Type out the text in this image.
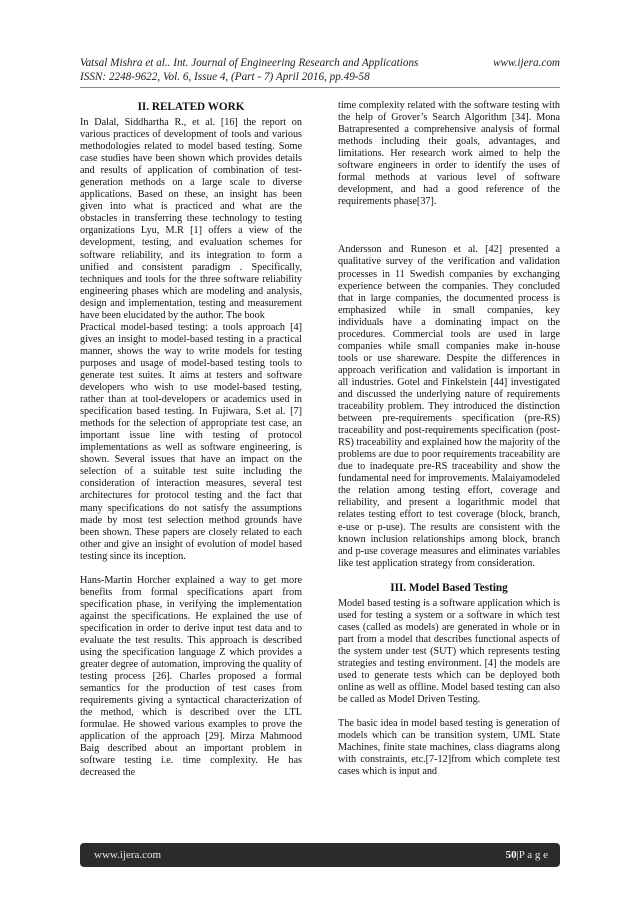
Vatsal Mishra et al.. Int. Journal of Engineering Research and Applications	www.ijera.com
ISSN: 2248-9622, Vol. 6, Issue 4, (Part - 7) April 2016, pp.49-58
II. RELATED WORK

In Dalal, Siddhartha R., et al. [16] the report on various practices of development of tools and various methodologies related to model based testing. Some case studies have been shown which provides details and results of application of combination of test-generation methods on a large scale to diverse applications. Based on these, an insight has been given into what is practiced and what are the obstacles in transferring these technology to testing organizations Lyu, M.R [1] offers a view of the development, testing, and evaluation schemes for software reliability, and its integration to form a unified and consistent paradigm . Specifically, techniques and tools for the three software reliability engineering phases which are modeling and analysis, design and implementation, testing and measurement have been elucidated by the author. The book

Practical model-based testing: a tools approach [4] gives an insight to model-based testing in a practical manner, shows the way to write models for testing purposes and usage of model-based testing tools to generate test suites. It aims at testers and software developers who wish to use model-based testing, rather than at tool-developers or academics used in specification based testing. In Fujiwara, S.et al. [7] methods for the selection of appropriate test case, an important issue line with testing of protocol implementations as well as software engineering, is shown. Several issues that have an impact on the selection of a suitable test suite including the consideration of interaction measures, several test architectures for protocol testing and the fact that many specifications do not satisfy the assumptions made by most test selection method grounds have been shown. These papers are closely related to each other and give an insight of evolution of model based testing since its inception.

Hans-Martin Horcher explained a way to get more benefits from formal specifications apart from specification phase, in verifying the implementation against the specifications. He explained the use of specification in order to derive input test data and to evaluate the test results. This approach is described using the specification language Z which provides a greater degree of automation, improving the quality of testing process [26]. Charles proposed a formal semantics for the production of test cases from requirements giving a syntactical characterization of the method, which is described over the LTL formulae. He showed various examples to prove the application of the approach [29]. Mirza Mahmood Baig described about an important problem in software testing i.e. time complexity. He has decreased the

time complexity related with the software testing with the help of Grover’s Search Algorithm [34]. Mona Batrapresented a comprehensive analysis of formal methods including their goals, advantages, and limitations. Her research work aimed to help the software engineers in order to identify the uses of formal methods at various level of software development, and had a good reference of the requirements phase[37].

Andersson and Runeson et al. [42] presented a qualitative survey of the verification and validation processes in 11 Swedish companies by exchanging experience between the companies. They concluded that in large companies, the documented process is emphasized while in small companies, key individuals have a dominating impact on the procedures. Commercial tools are used in large companies while small companies make in-house tools or use shareware. Despite the differences in approach verification and validation is important in all industries. Gotel and Finkelstein [44] investigated and discussed the underlying nature of requirements traceability problem. They introduced the distinction between pre-requirements specification (pre-RS) traceability and post-requirements specification (post-RS) traceability and explained how the majority of the problems are due to poor requirements traceability are due to inadequate pre-RS traceability and show the fundamental need for improvements. Malaiyamodeled the relation among testing effort, coverage and reliability, and present a logarithmic model that relates testing effort to test coverage (block, branch, e-use or p-use). The results are consistent with the known inclusion relationships among block, branch and p-use coverage measures and eliminates variables like test application strategy from consideration.

III. Model Based Testing

Model based testing is a software application which is used for testing a system or a software in which test cases (called as models) are generated in whole or in part from a model that describes functional aspects of the system under test (SUT) which represents testing strategies and testing environment. [4] the models are used to generate tests which can be deployed both online as well as offline. Model based testing can also be called as Model Driven Testing.

The basic idea in model based testing is generation of models which can be transition system, UML State Machines, finite state machines, class diagrams along with constraints, etc.[7-12]from which complete test cases which is input and

www.ijera.com	50|P a g e
